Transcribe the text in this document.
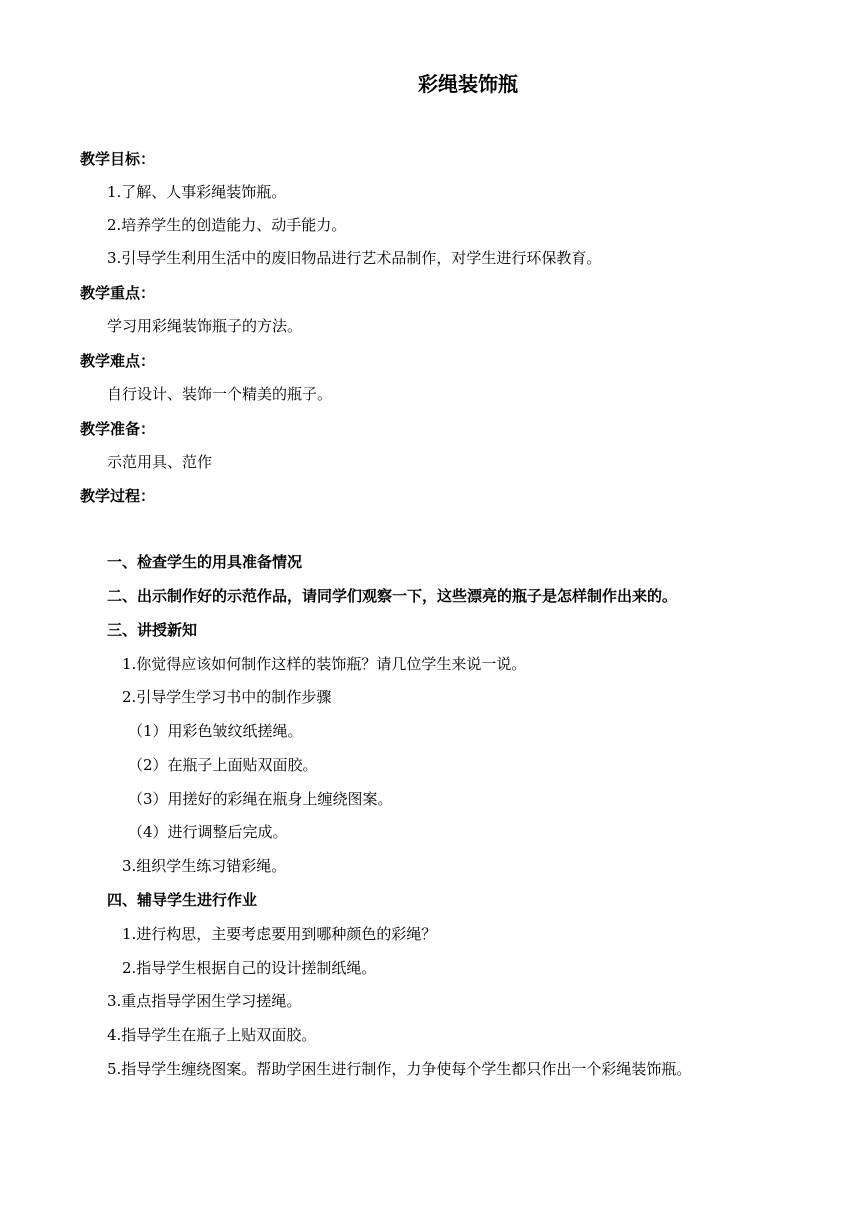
彩绳装饰瓶
教学目标：
1.了解、人事彩绳装饰瓶。
2.培养学生的创造能力、动手能力。
3.引导学生利用生活中的废旧物品进行艺术品制作，对学生进行环保教育。
教学重点：
学习用彩绳装饰瓶子的方法。
教学难点：
自行设计、装饰一个精美的瓶子。
教学准备：
示范用具、范作
教学过程：
一、检查学生的用具准备情况
二、出示制作好的示范作品，请同学们观察一下，这些漂亮的瓶子是怎样制作出来的。
三、讲授新知
1.你觉得应该如何制作这样的装饰瓶？请几位学生来说一说。
2.引导学生学习书中的制作步骤
（1）用彩色皱纹纸搓绳。
（2）在瓶子上面贴双面胶。
（3）用搓好的彩绳在瓶身上缠绕图案。
（4）进行调整后完成。
3.组织学生练习错彩绳。
四、辅导学生进行作业
1.进行构思，主要考虑要用到哪种颜色的彩绳？
2.指导学生根据自己的设计搓制纸绳。
3.重点指导学困生学习搓绳。
4.指导学生在瓶子上贴双面胶。
5.指导学生缠绕图案。帮助学困生进行制作，力争使每个学生都只作出一个彩绳装饰瓶。
